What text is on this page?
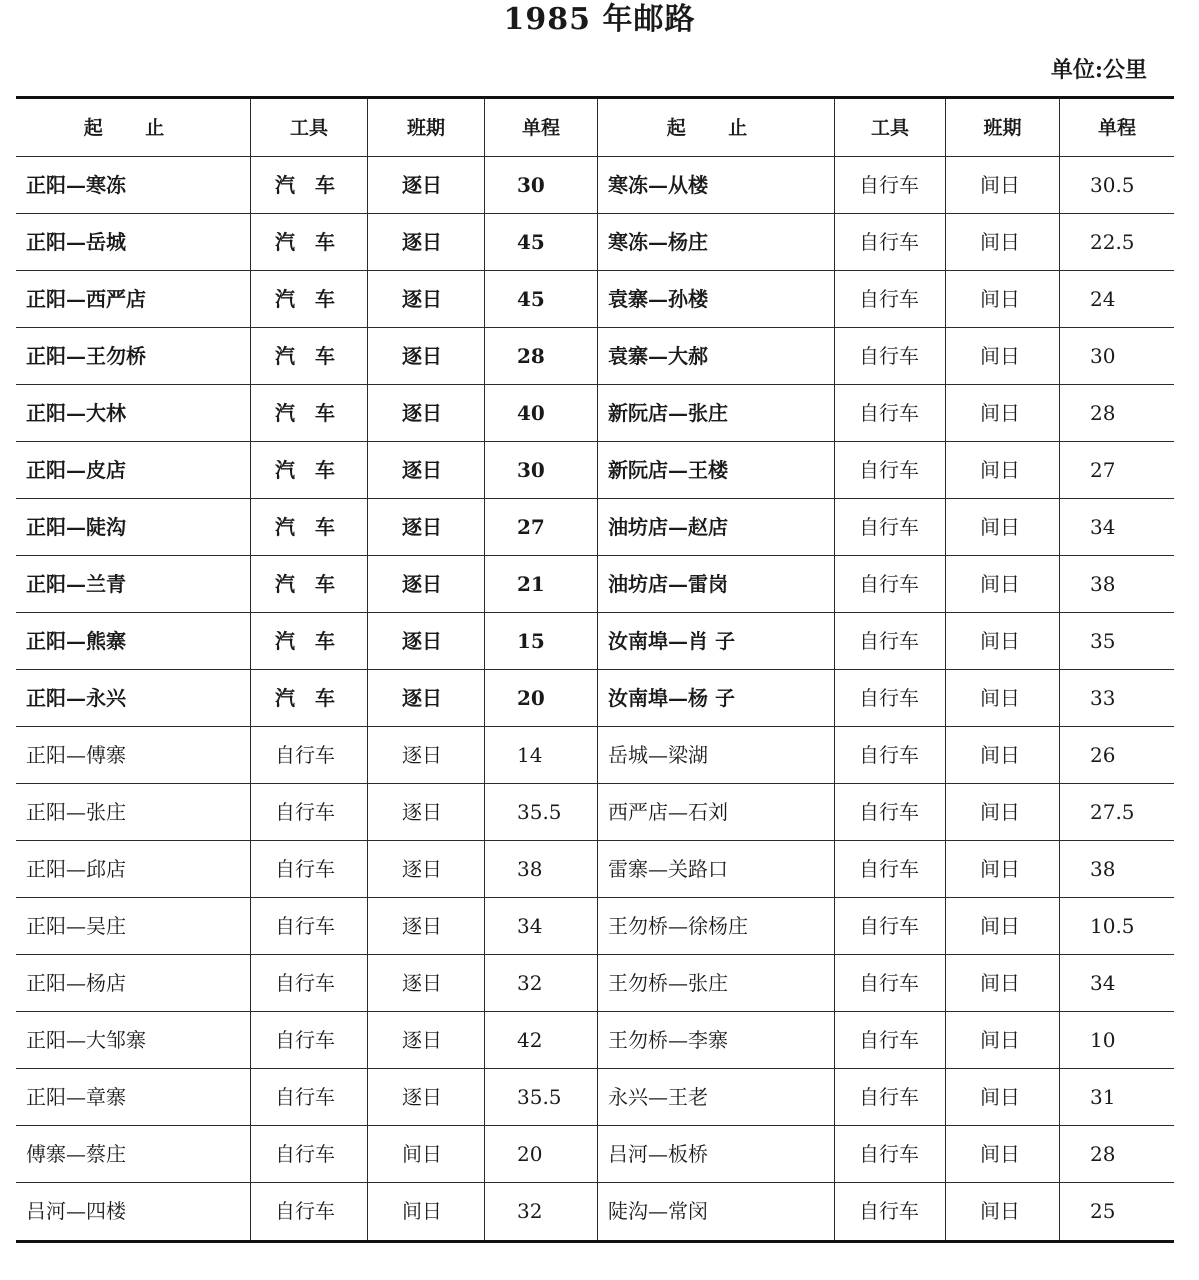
1985 年邮路
单位:公里
起 止	工具	班期	单程	起 止	工具	班期	单程
正阳—寒冻	汽　车	逐日	30	寒冻—从楼	自行车	间日	30.5
正阳—岳城	汽　车	逐日	45	寒冻—杨庄	自行车	间日	22.5
正阳—西严店	汽　车	逐日	45	袁寨—孙楼	自行车	间日	24
正阳—王勿桥	汽　车	逐日	28	袁寨—大郝	自行车	间日	30
正阳—大林	汽　车	逐日	40	新阮店—张庄	自行车	间日	28
正阳—皮店	汽　车	逐日	30	新阮店—王楼	自行车	间日	27
正阳—陡沟	汽　车	逐日	27	油坊店—赵店	自行车	间日	34
正阳—兰青	汽　车	逐日	21	油坊店—雷岗	自行车	间日	38
正阳—熊寨	汽　车	逐日	15	汝南埠—肖 子	自行车	间日	35
正阳—永兴	汽　车	逐日	20	汝南埠—杨 子	自行车	间日	33
正阳—傅寨	自行车	逐日	14	岳城—梁湖	自行车	间日	26
正阳—张庄	自行车	逐日	35.5	西严店—石刘	自行车	间日	27.5
正阳—邱店	自行车	逐日	38	雷寨—关路口	自行车	间日	38
正阳—吴庄	自行车	逐日	34	王勿桥—徐杨庄	自行车	间日	10.5
正阳—杨店	自行车	逐日	32	王勿桥—张庄	自行车	间日	34
正阳—大邹寨	自行车	逐日	42	王勿桥—李寨	自行车	间日	10
正阳—章寨	自行车	逐日	35.5	永兴—王老	自行车	间日	31
傅寨—蔡庄	自行车	间日	20	吕河—板桥	自行车	间日	28
吕河—四楼	自行车	间日	32	陡沟—常闵	自行车	间日	25
